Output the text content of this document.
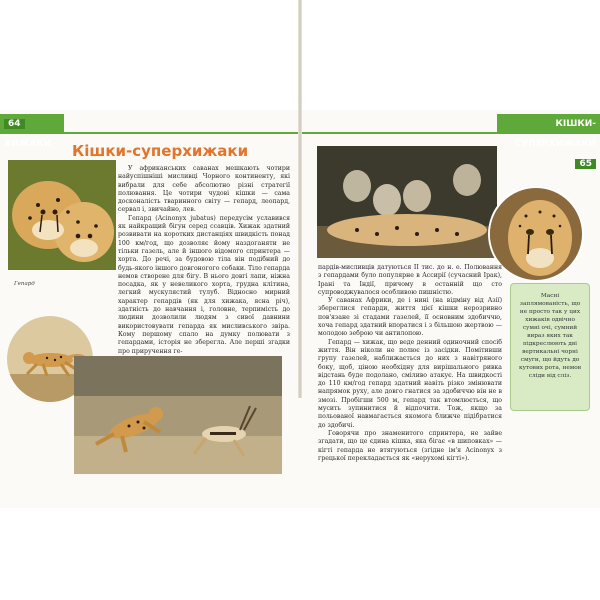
64 ХИЖАКИ
КІШКИ-СУПЕРХИЖАКИ 65
Кішки-суперхижаки
Гепард

У африканських саванах мешкають чотири найуспішніші мисливці Чорного континенту, які вибрали для себе абсолютно різні стратегії полювання. Це чотири чудові кішки — сама досконалість тваринного світу — гепард, леопард, сервал і, звичайно, лев.

Гепард (Acinonyx jubatus) передусім уславився як найкращий бігун серед ссавців. Хижак здатний розвивати на коротких дистанціях швидкість понад 100 км/год, що дозволяє йому наздоганяти не тільки газель, але й іншого відомого спринтера — хорта. До речі, за будовою тіла він подібний до будь-якого іншого довгоногого собаки. Тіло гепарда немов створене для бігу. В нього довгі лапи, ніжна посадка, як у невеликого хорта, грудна клітина, легкий мускулястий тулуб. Відносно мирний характер гепардів (як для хижака, ясна річ), здатність до навчання і, головне, терпимість до людини дозволили людям з сивої давнини використовувати гепарда як мисливського звіра. Кому першому спало на думку полювати з гепардами, історія не зберегла. Але перші згадки про приручення ге-

пардів-мисливців датуються II тис. до н. е. Полювання з гепардами було популярне в Ассирії (сучасний Ірак), Ірані та Індії, причому в останній що сто супроводжувалося особливою пишністю.

У саванах Африки, де і нині (на відміну від Азії) збереглися гепарди, життя цієї кішки нерозривно пов'язане зі стадами газелей, її основним здобиччю, хоча гепард здатний впоратися і з більшою жертвою — молодою зеброю чи антилопою.

Гепард — хижак, що веде денний одиночний спосіб життя. Він ніколи не полює із засідки. Помітивши групу газелей, наближається до них з навітряного боку, щоб, ціною необхідну для вирішального ривка відстань буде подолано, сміливо атакує. На швидкості до 110 км/год гепард здатний навіть різко змінювати напрямок руху, але довго гнатися за здобиччю він не в змозі. Пробігши 500 м, гепард так втомлюється, що мусить зупинитися й відпочити. Тож, якщо за польованої навмагається якомога ближче підібратися до здобичі.

Говорячи про знаменитого спринтера, не зайве згадати, що це єдина кішка, яка бігає «в шиповках» — кігті гепарда не втягуються (згідне ім'я Acinonyx з грецької перекладається як «нерухомі кігті»).

Масні заплямованість, що не просто так у цих хижаків одвічно сумні очі, сумний вираз яких так підкреслюють дві вертикальні чорні смуги, що йдуть до кутових рота, немов сліди від сліз.
